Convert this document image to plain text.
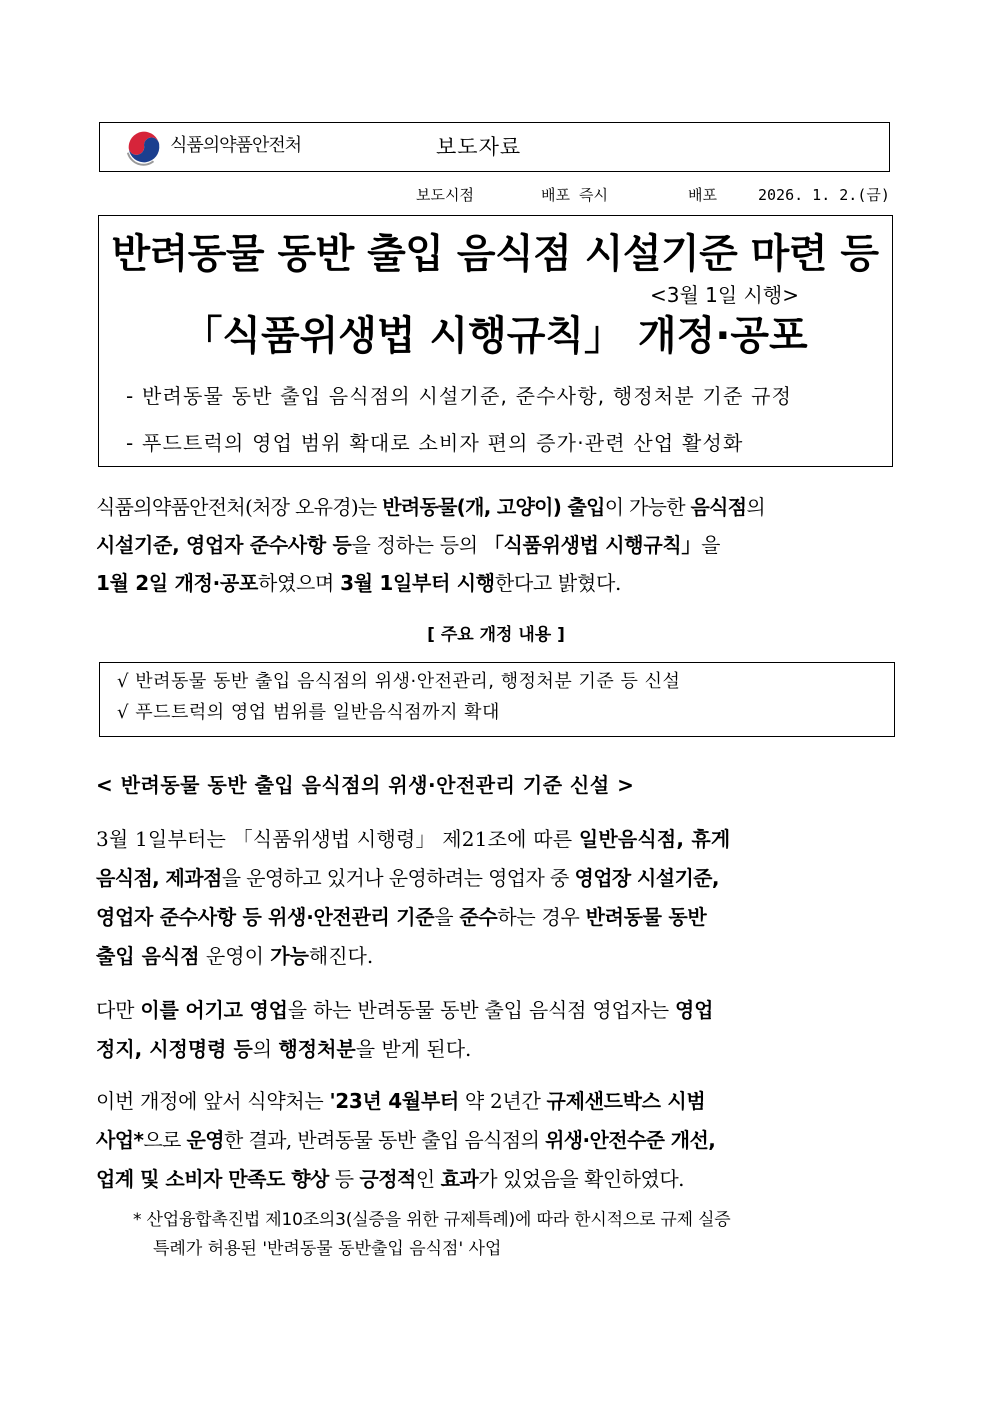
식품의약품안전처	보도자료
보도시점	배포 즉시	배포	2026. 1. 2.(금)
반려동물 동반 출입 음식점 시설기준 마련 등
<3월 1일 시행>
「식품위생법 시행규칙」 개정·공포
- 반려동물 동반 출입 음식점의 시설기준, 준수사항, 행정처분 기준 규정
- 푸드트럭의 영업 범위 확대로 소비자 편의 증가·관련 산업 활성화

식품의약품안전처(처장 오유경)는 반려동물(개, 고양이) 출입이 가능한 음식점의

시설기준, 영업자 준수사항 등을 정하는 등의 「식품위생법 시행규칙」을

1월 2일 개정·공포하였으며 3월 1일부터 시행한다고 밝혔다.

[ 주요 개정 내용 ]
√ 반려동물 동반 출입 음식점의 위생·안전관리, 행정처분 기준 등 신설
√ 푸드트럭의 영업 범위를 일반음식점까지 확대
< 반려동물 동반 출입 음식점의 위생·안전관리 기준 신설 >

3월 1일부터는 「식품위생법 시행령」 제21조에 따른 일반음식점, 휴게

음식점, 제과점을 운영하고 있거나 운영하려는 영업자 중 영업장 시설기준,

영업자 준수사항 등 위생·안전관리 기준을 준수하는 경우 반려동물 동반

출입 음식점 운영이 가능해진다.

다만 이를 어기고 영업을 하는 반려동물 동반 출입 음식점 영업자는 영업

정지, 시정명령 등의 행정처분을 받게 된다.

이번 개정에 앞서 식약처는 '23년 4월부터 약 2년간 규제샌드박스 시범

사업*으로 운영한 결과, 반려동물 동반 출입 음식점의 위생·안전수준 개선,

업계 및 소비자 만족도 향상 등 긍정적인 효과가 있었음을 확인하였다.

* 산업융합촉진법 제10조의3(실증을 위한 규제특례)에 따라 한시적으로 규제 실증

특례가 허용된 '반려동물 동반출입 음식점' 사업
